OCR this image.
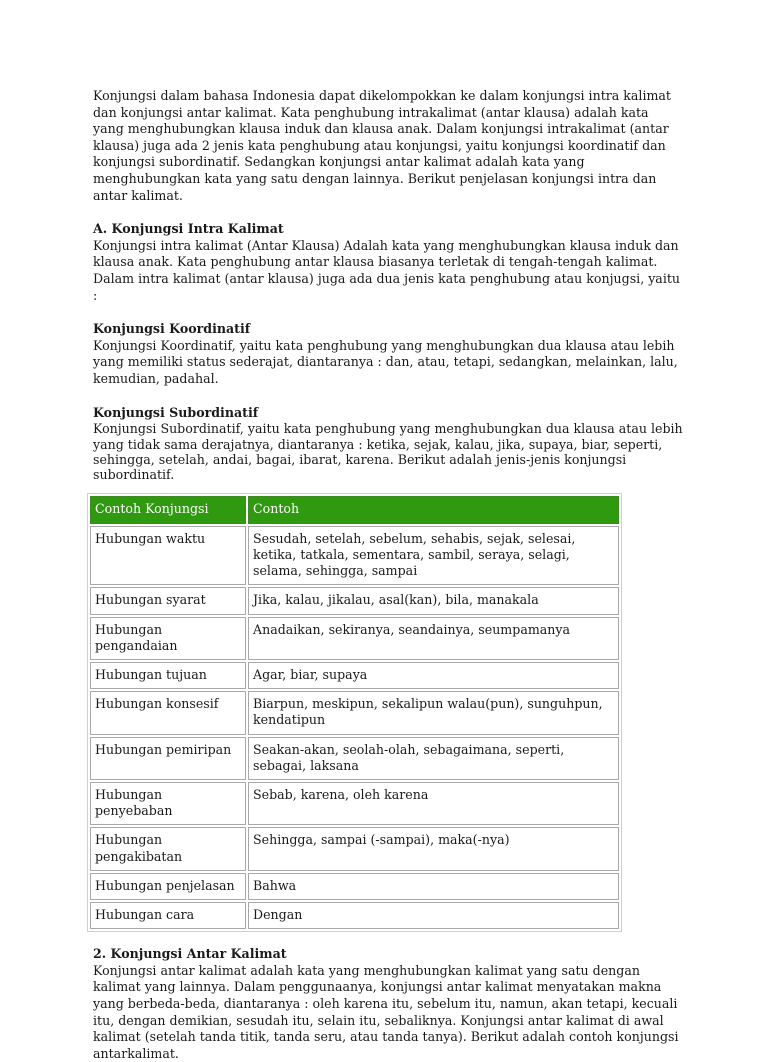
Konjungsi dalam bahasa Indonesia dapat dikelompokkan ke dalam konjungsi intra kalimat dan konjungsi antar kalimat. Kata penghubung intrakalimat (antar klausa) adalah kata yang menghubungkan klausa induk dan klausa anak. Dalam konjungsi intrakalimat (antar klausa) juga ada 2 jenis kata penghubung atau konjungsi, yaitu konjungsi koordinatif dan konjungsi subordinatif. Sedangkan konjungsi antar kalimat adalah kata yang menghubungkan kata yang satu dengan lainnya. Berikut penjelasan konjungsi intra dan antar kalimat.

A. Konjungsi Intra Kalimat

Konjungsi intra kalimat (Antar Klausa) Adalah kata yang menghubungkan klausa induk dan klausa anak. Kata penghubung antar klausa biasanya terletak di tengah-tengah kalimat. Dalam intra kalimat (antar klausa) juga ada dua jenis kata penghubung atau konjugsi, yaitu :

Konjungsi Koordinatif

Konjungsi Koordinatif, yaitu kata penghubung yang menghubungkan dua klausa atau lebih yang memiliki status sederajat, diantaranya : dan, atau, tetapi, sedangkan, melainkan, lalu, kemudian, padahal.

Konjungsi Subordinatif

Konjungsi Subordinatif, yaitu kata penghubung yang menghubungkan dua klausa atau lebih yang tidak sama derajatnya, diantaranya : ketika, sejak, kalau, jika, supaya, biar, seperti, sehingga, setelah, andai, bagai, ibarat, karena. Berikut adalah jenis-jenis konjungsi subordinatif.

Contoh Konjungsi	Contoh
Hubungan waktu	Sesudah, setelah, sebelum, sehabis, sejak, selesai, ketika, tatkala, sementara, sambil, seraya, selagi, selama, sehingga, sampai
Hubungan syarat	Jika, kalau, jikalau, asal(kan), bila, manakala
Hubungan pengandaian	Anadaikan, sekiranya, seandainya, seumpamanya
Hubungan tujuan	Agar, biar, supaya
Hubungan konsesif	Biarpun, meskipun, sekalipun walau(pun), sunguhpun, kendatipun
Hubungan pemiripan	Seakan-akan, seolah-olah, sebagaimana, seperti, sebagai, laksana
Hubungan penyebaban	Sebab, karena, oleh karena
Hubungan pengakibatan	Sehingga, sampai (-sampai), maka(-nya)
Hubungan penjelasan	Bahwa
Hubungan cara	Dengan
2. Konjungsi Antar Kalimat

Konjungsi antar kalimat adalah kata yang menghubungkan kalimat yang satu dengan kalimat yang lainnya. Dalam penggunaanya, konjungsi antar kalimat menyatakan makna yang berbeda-beda, diantaranya : oleh karena itu, sebelum itu, namun, akan tetapi, kecuali itu, dengan demikian, sesudah itu, selain itu, sebaliknya. Konjungsi antar kalimat di awal kalimat (setelah tanda titik, tanda seru, atau tanda tanya). Berikut adalah contoh konjungsi antarkalimat.
